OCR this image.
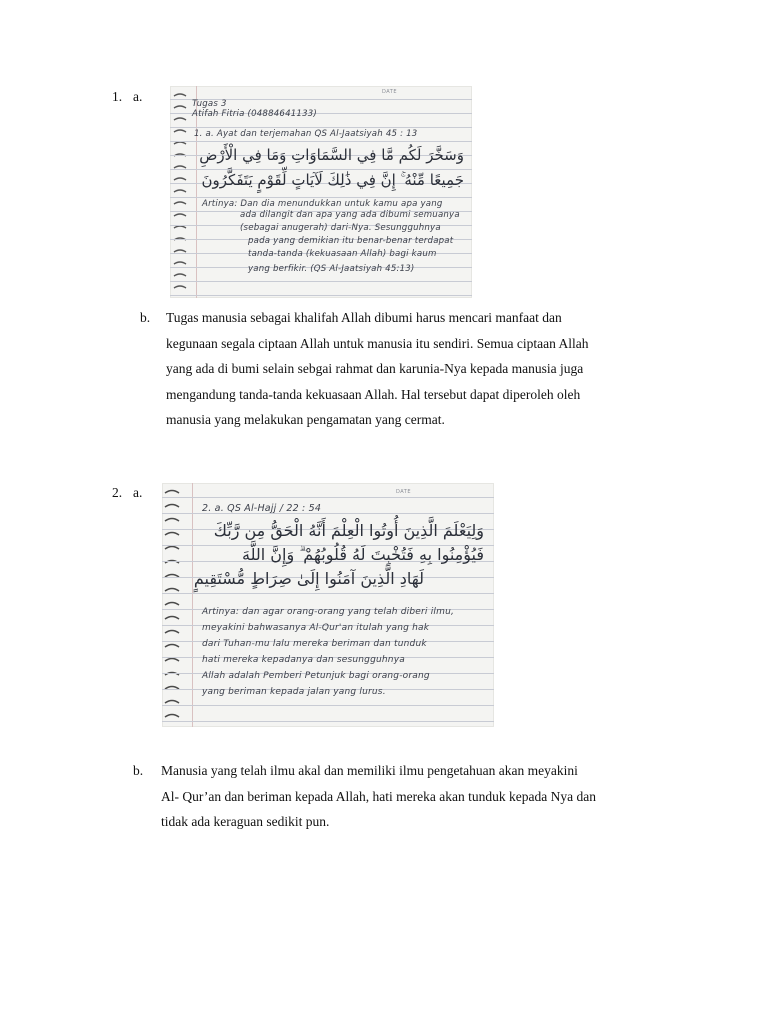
1. a.	DATE
Tugas 3
Atifah Fitria (04884641133)
1. a. Ayat dan terjemahan QS Al-Jaatsiyah 45 : 13
وَسَخَّرَ لَكُم مَّا فِي السَّمَاوَاتِ وَمَا فِي الْأَرْضِ
جَمِيعًا مِّنْهُ ۚ إِنَّ فِي ذَٰلِكَ لَآيَاتٍ لِّقَوْمٍ يَتَفَكَّرُونَ
Artinya: Dan dia menundukkan untuk kamu apa yang
ada dilangit dan apa yang ada dibumi semuanya
(sebagai anugerah) dari-Nya. Sesungguhnya
pada yang demikian itu benar-benar terdapat
tanda-tanda (kekuasaan Allah) bagi kaum
yang berfikir. (QS Al-Jaatsiyah 45:13)
b. Tugas manusia sebagai khalifah Allah dibumi harus mencari manfaat dan
kegunaan segala ciptaan Allah untuk manusia itu sendiri. Semua ciptaan Allah
yang ada di bumi selain sebgai rahmat dan karunia-Nya kepada manusia juga
mengandung tanda-tanda kekuasaan Allah. Hal tersebut dapat diperoleh oleh
manusia yang melakukan pengamatan yang cermat.

2. a.	DATE
2. a. QS Al-Hajj / 22 : 54
وَلِيَعْلَمَ الَّذِينَ أُوتُوا الْعِلْمَ أَنَّهُ الْحَقُّ مِن رَّبِّكَ
فَيُؤْمِنُوا بِهِ فَتُخْبِتَ لَهُ قُلُوبُهُمْ ۗ وَإِنَّ اللَّهَ
لَهَادِ الَّذِينَ آمَنُوا إِلَىٰ صِرَاطٍ مُّسْتَقِيمٍ
Artinya: dan agar orang-orang yang telah diberi ilmu,
meyakini bahwasanya Al-Qur'an itulah yang hak
dari Tuhan-mu lalu mereka beriman dan tunduk
hati mereka kepadanya dan sesungguhnya
Allah adalah Pemberi Petunjuk bagi orang-orang
yang beriman kepada jalan yang lurus.
b. Manusia yang telah ilmu akal dan memiliki ilmu pengetahuan akan meyakini
Al- Qur’an dan beriman kepada Allah, hati mereka akan tunduk kepada Nya dan
tidak ada keraguan sedikit pun.
